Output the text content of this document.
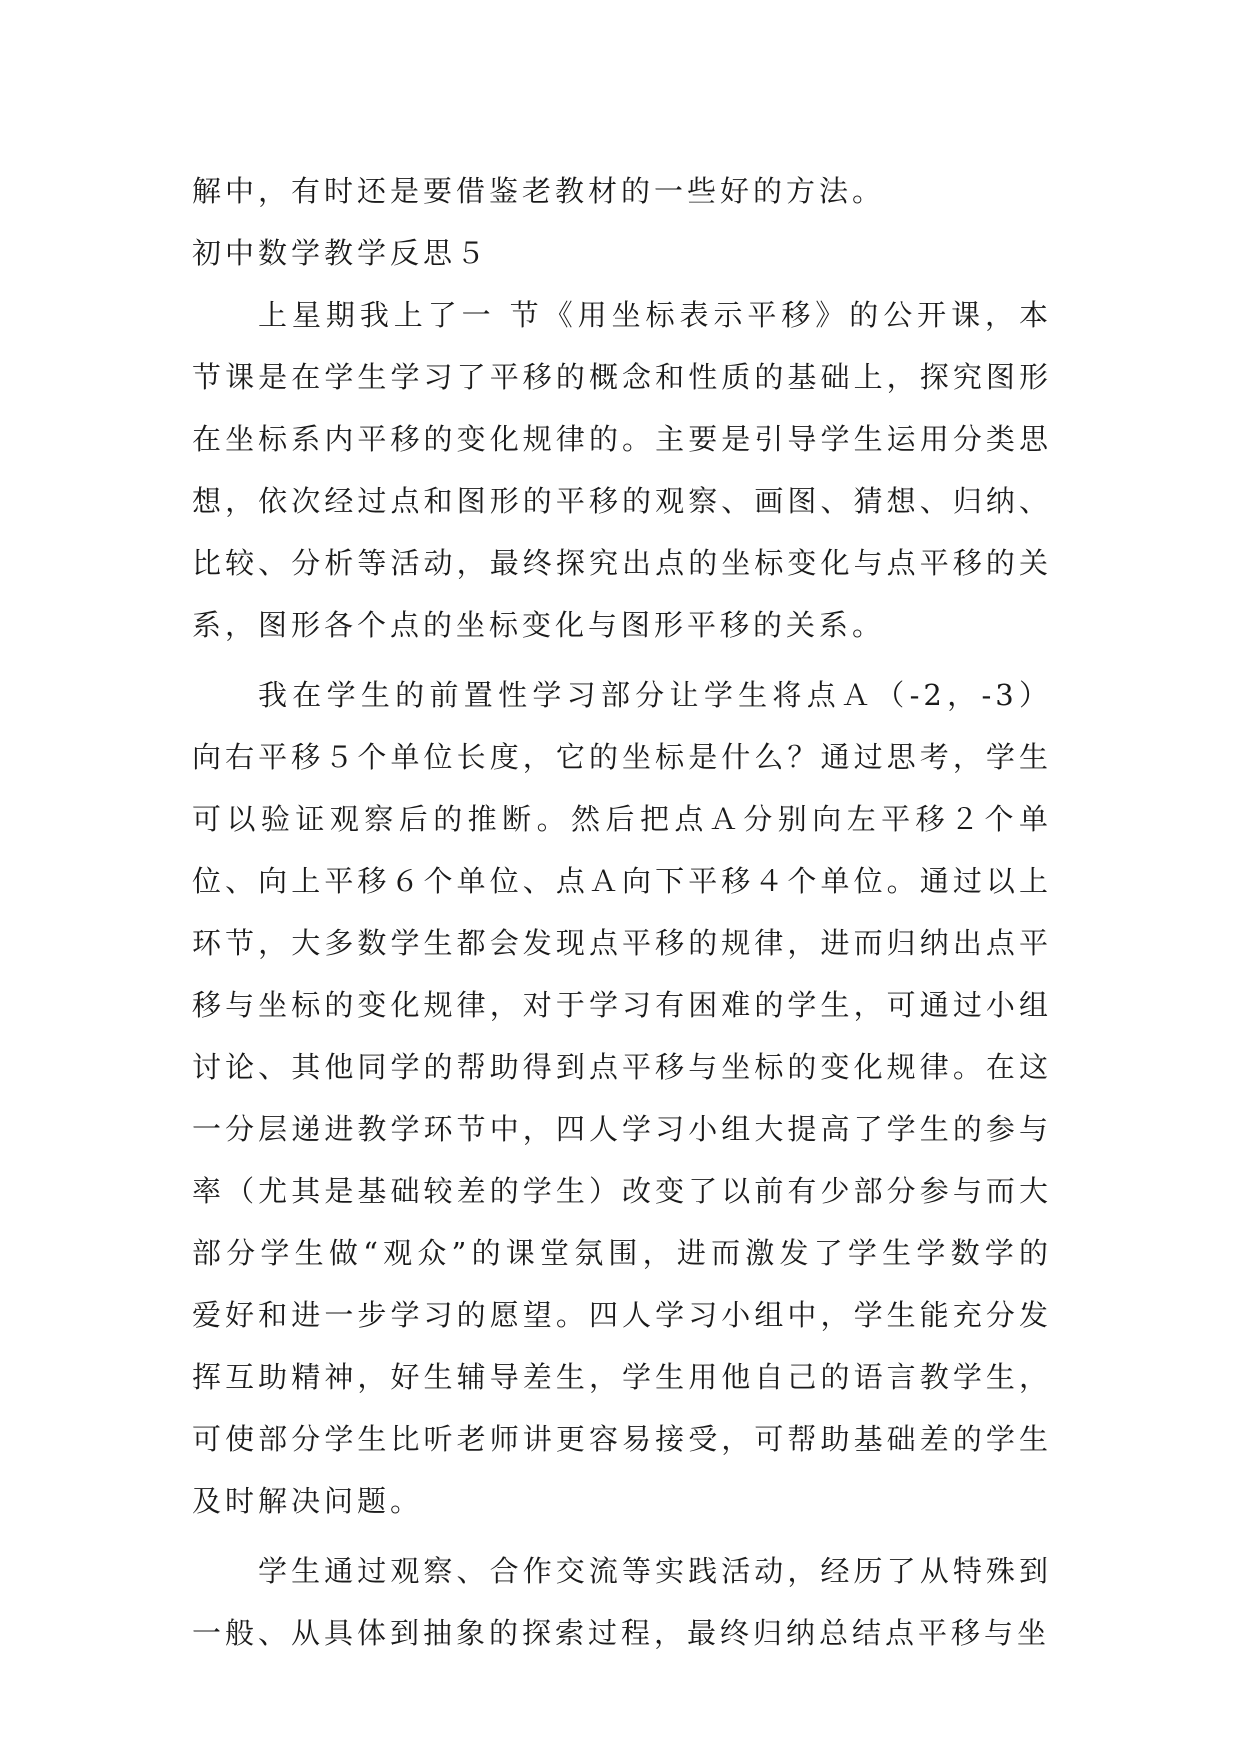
解中，有时还是要借鉴老教材的一些好的方法。

初中数学教学反思５

上星期我上了一 节《用坐标表示平移》的公开课，本节课是在学生学习了平移的概念和性质的基础上，探究图形在坐标系内平移的变化规律的。主要是引导学生运用分类思想，依次经过点和图形的平移的观察、画图、猜想、归纳、比较、分析等活动，最终探究出点的坐标变化与点平移的关系，图形各个点的坐标变化与图形平移的关系。

我在学生的前置性学习部分让学生将点Ａ（-2，-3）向右平移５个单位长度，它的坐标是什么？通过思考，学生可以验证观察后的推断。然后把点Ａ分别向左平移２个单位、向上平移６个单位、点Ａ向下平移４个单位。通过以上环节，大多数学生都会发现点平移的规律，进而归纳出点平移与坐标的变化规律，对于学习有困难的学生，可通过小组讨论、其他同学的帮助得到点平移与坐标的变化规律。在这一分层递进教学环节中，四人学习小组大提高了学生的参与率（尤其是基础较差的学生）改变了以前有少部分参与而大部分学生做“观众”的课堂氛围，进而激发了学生学数学的爱好和进一步学习的愿望。四人学习小组中，学生能充分发挥互助精神，好生辅导差生，学生用他自己的语言教学生，可使部分学生比听老师讲更容易接受，可帮助基础差的学生及时解决问题。

学生通过观察、合作交流等实践活动，经历了从特殊到一般、从具体到抽象的探索过程，最终归纳总结点平移与坐
